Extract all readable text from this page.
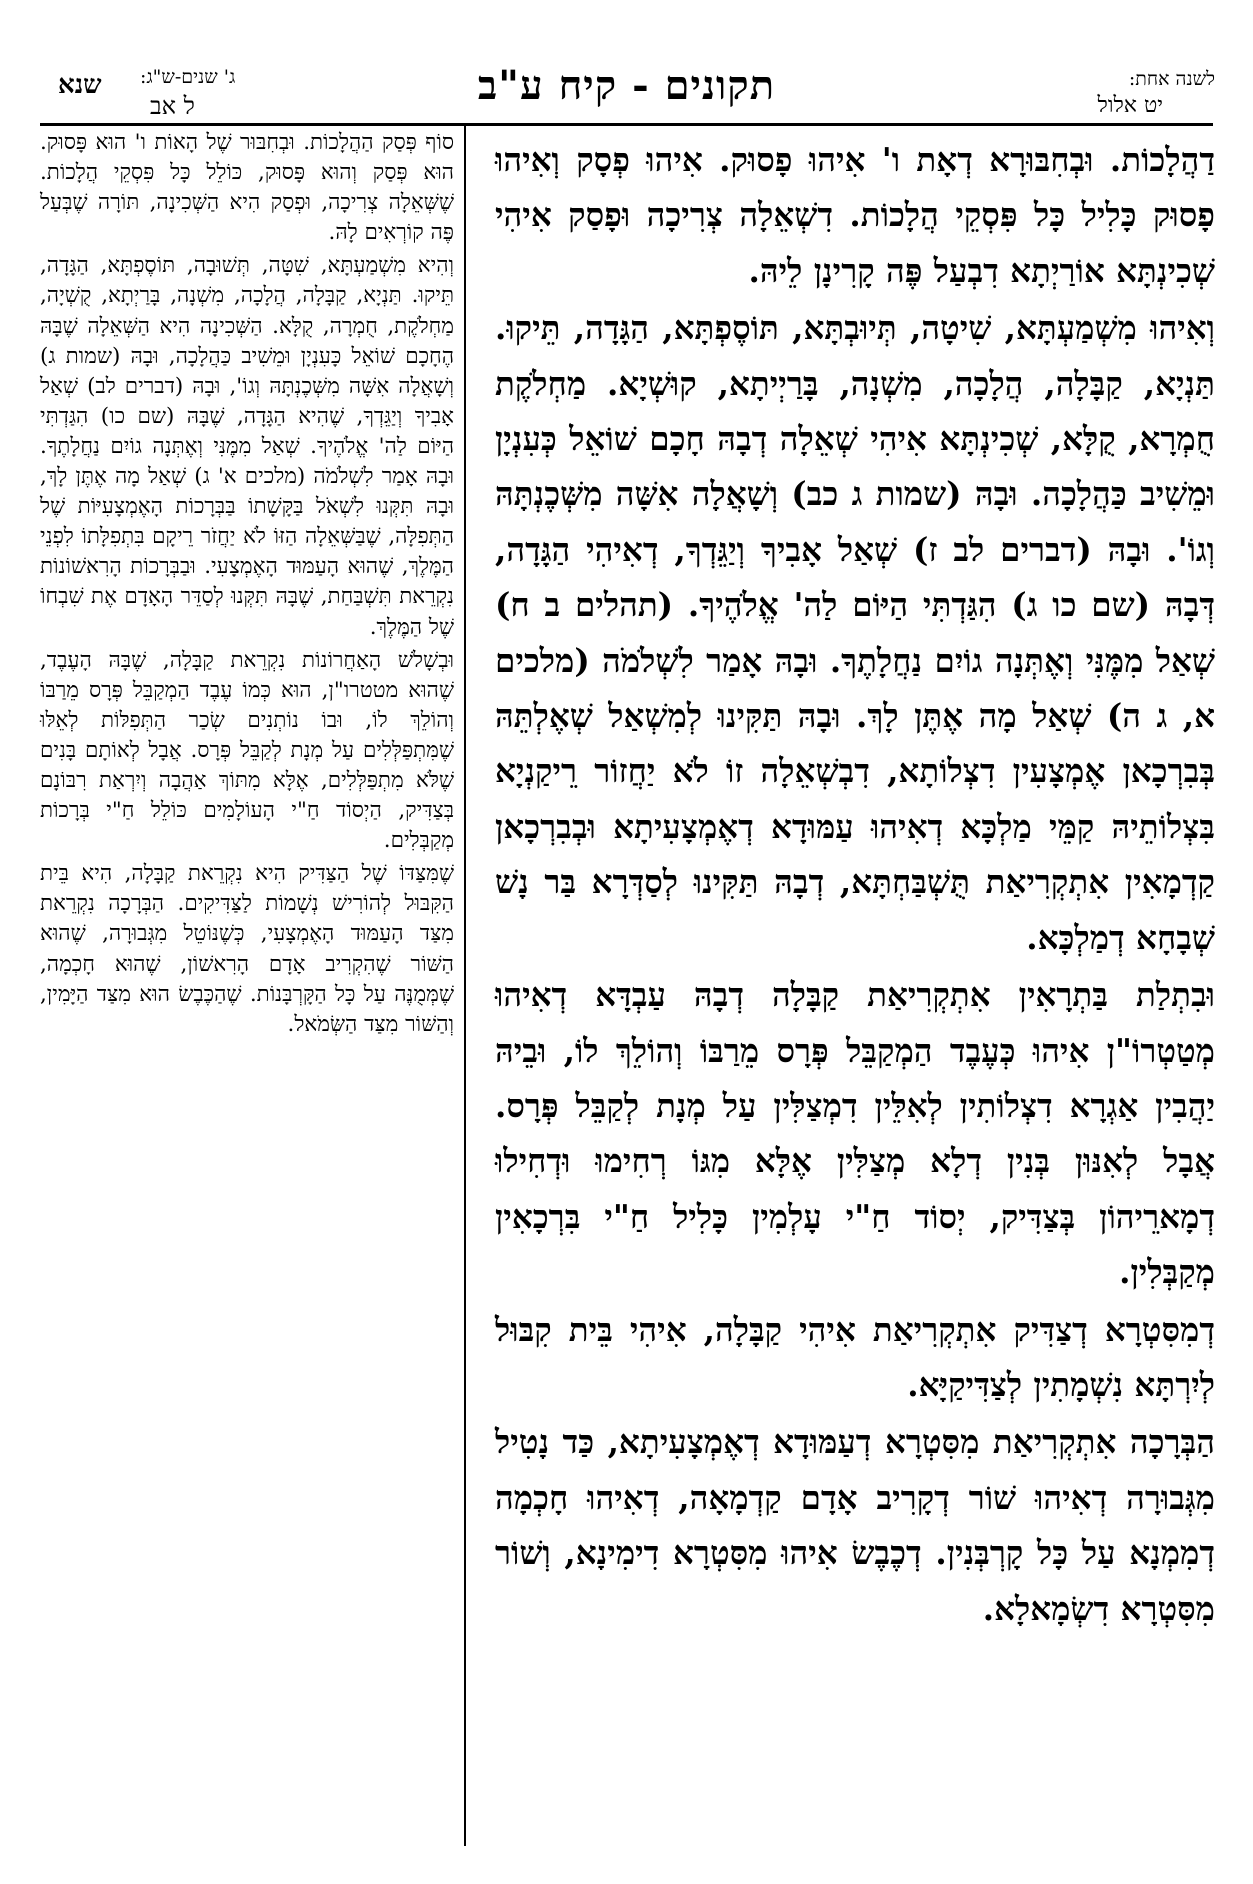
לשנה אחת:
יט אלול
תקונים - קיח ע"ב
ג' שנים-ש"ג:
ל אב
שנא

דַהֲלָכוֹת. וּבְחִבּוּרָא דְאָת ו' אִיהוּ פָסוּק. אִיהוּ פְסָק וְאִיהוּ פָסוּק כָּלִיל כָּל פִּסְקֵי הֲלָכוֹת. דִשְׁאֵלָה צְרִיכָה וּפָסַק אִיהִי שְׁכִינְתָּא אוֹרַיְתָא דִבְעַל פֶּה קָרִינָן לֵיהּ.

וְאִיהוּ מִשְׁמַעְתָּא, שִׁיטָה, תְּיוּבְתָּא, תּוֹסֶפְתָּא, הַגָּדָה, תֵּיקוּ. תַּנְיָא, קַבָּלָה, הֲלָכָה, מִשְׁנָה, בָּרַיְיתָא, קוּשְׁיָא. מַחְלֹקֶת חֻמְרָא, קֻלָּא, שְׁכִינְתָּא אִיהִי שְׁאֵלָה דְבָהּ חָכָם שׁוֹאֵל כְּעִנְיָן וּמֵשִׁיב כַּהֲלָכָה. וּבָהּ (שמות ג כב) וְשָׁאֲלָה אִשָּׁה מִשְּׁכֶנְתָּהּ וְגוֹ'. וּבָהּ (דברים לב ז) שְׁאַל אָבִיךָ וְיַגֵּדְךָ, דְאִיהִי הַגָּדָה, דְּבָהּ (שם כו ג) הִגַּדְתִּי הַיּוֹם לַה' אֱלֹהֶיךָ. (תהלים ב ח) שְׁאַל מִמֶּנִּי וְאֶתְּנָה גוֹיִם נַחֲלָתֶךָ. וּבָהּ אָמַר לִשְׁלֹמֹה (מלכים א, ג ה) שְׁאַל מָה אֶתֶּן לָךְ. וּבָהּ תַּקִּינוּ לְמִשְׁאַל שְׁאֶלְתֵּהּ בְּבִרְכָאן אֶמְצָעִין דִצְלוֹתָא, דִבְשְׁאֵלָה זוֹ לֹא יַחֲזוֹר רֵיקַנְיָא בִּצְלוֹתֵיהּ קַמֵּי מַלְכָּא דְאִיהוּ עַמּוּדָא דְאֶמְצָעִיתָא וּבְבִרְכָאן קַדְמָאִין אִתְקְרִיאַת תֻּשְׁבַּחְתָּא, דְבָהּ תַּקִּינוּ לְסַדְּרָא בַּר נָשׁ שְׁבָחָא דְמַלְכָּא.

וּבִתְלַת בַּתְרָאִין אִתְקְרִיאַת קַבָּלָה דְבָהּ עַבְדָּא דְאִיהוּ מְטַטְרוֹ"ן אִיהוּ כְּעֶבֶד הַמְקַבֵּל פְּרָס מֵרַבּוֹ וְהוֹלֵךְ לוֹ, וּבֵיהּ יַהֲבִין אַגְרָא דִצְלוֹתִין לְאִלֵּין דִמְצַלִּין עַל מְנָת לְקַבֵּל פְּרָס. אֲבָל לְאִנּוּן בְּנִין דְלָא מְצַלִּין אֶלָּא מִגּוֹ רְחִימוּ וּדְחִילוּ דְמָארֵיהוֹן בְּצַדִּיק, יְסוֹד חַ"י עָלְמִין כָּלִיל חַ"י בִּרְכָאִין מְקַבְּלִין.

דְמִסִּטְרָא דְצַדִּיק אִתְקְרִיאַת אִיהִי קַבָּלָה, אִיהִי בֵּית קִבּוּל לְיִרְתָּא נִשְׁמָתִין לְצַדִּיקַיָּא.

הַבְּרָכָה אִתְקְרִיאַת מִסִּטְרָא דְעַמּוּדָא דְאֶמְצָעִיתָא, כַּד נָטִיל מִגְּבוּרָה דְאִיהוּ שׁוֹר דְקָרִיב אָדָם קַדְמָאָה, דְאִיהוּ חָכְמָה דְמִמְנָא עַל כָּל קָרְבְּנִין. דְכֶבֶשׂ אִיהוּ מִסִּטְרָא דִימִינָא, וְשׁוֹר מִסִּטְרָא דִשְׂמָאלָא.

סוֹף פְּסַק הַהֲלָכוֹת. וּבְחִבּוּר שֶׁל הָאוֹת ו' הוּא פָּסוּק. הוּא פְּסַק וְהוּא פָּסוּק, כּוֹלֵל כָּל פִּסְקֵי הֲלָכוֹת. שֶׁשְּׁאֵלָה צְרִיכָה, וּפְסַק הִיא הַשְּׁכִינָה, תּוֹרָה שֶׁבְּעַל פֶּה קוֹרְאִים לָהּ.

וְהִיא מִשְׁמַעְתָּא, שִׁטָּה, תְּשׁוּבָה, תּוֹסֶפְתָּא, הַגָּדָה, תֵּיקוּ. תַּנְיָא, קַבָּלָה, הֲלָכָה, מִשְׁנָה, בָּרַיְתָא, קֻשְׁיָה, מַחְלֹקֶת, חֻמְרָה, קֻלָּא. הַשְּׁכִינָה הִיא הַשְּׁאֵלָה שֶׁבָּהּ הֶחָכָם שׁוֹאֵל כָּעִנְיָן וּמֵשִׁיב כַּהֲלָכָה, וּבָהּ (שמות ג) וְשָׁאֲלָה אִשָּׁה מִשְּׁכֶנְתָּהּ וְגוֹ', וּבָהּ (דברים לב) שְׁאַל אָבִיךָ וְיַגֵּדְךָ, שֶׁהִיא הַגָּדָה, שֶׁבָּהּ (שם כו) הִגַּדְתִּי הַיּוֹם לַה' אֱלֹהֶיךָ. שְׁאַל מִמֶּנִּי וְאֶתְּנָה גוֹיִם נַחֲלָתֶךָ. וּבָהּ אָמַר לִשְׁלֹמֹה (מלכים א' ג) שְׁאַל מָה אֶתֶּן לָךְ, וּבָהּ תִּקְּנוּ לִשְׁאֹל בַּקָּשָׁתוֹ בַּבְּרָכוֹת הָאֶמְצָעִיּוֹת שֶׁל הַתְּפִלָּה, שֶׁבַּשְּׁאֵלָה הַזּוֹ לֹא יַחֲזֹר רֵיקָם בִּתְפִלָּתוֹ לִפְנֵי הַמֶּלֶךְ, שֶׁהוּא הָעַמּוּד הָאֶמְצָעִי. וּבַבְּרָכוֹת הָרִאשׁוֹנוֹת נִקְרֵאת תִּשְׁבַּחַת, שֶׁבָּהּ תִּקְּנוּ לְסַדֵּר הָאָדָם אֶת שִׁבְחוֹ שֶׁל הַמֶּלֶךְ.

וּבְשָׁלֹשׁ הָאַחֲרוֹנוֹת נִקְרֵאת קַבָּלָה, שֶׁבָּהּ הָעֶבֶד, שֶׁהוּא מטטרו"ן, הוּא כְּמוֹ עֶבֶד הַמְקַבֵּל פְּרָס מֵרַבּוֹ וְהוֹלֵךְ לוֹ, וּבוֹ נוֹתְנִים שְׂכַר הַתְּפִלּוֹת לְאֵלּוּ שֶׁמִּתְפַּלְּלִים עַל מְנָת לְקַבֵּל פְּרָס. אֲבָל לְאוֹתָם בָּנִים שֶׁלֹּא מִתְפַּלְּלִים, אֶלָּא מִתּוֹךְ אַהֲבָה וְיִרְאַת רִבּוֹנָם בְּצַדִּיק, הַיְסוֹד חַ"י הָעוֹלָמִים כּוֹלֵל חַ"י בְּרָכוֹת מְקַבְּלִים.

שֶׁמִּצַּדּוֹ שֶׁל הַצַּדִּיק הִיא נִקְרֵאת קַבָּלָה, הִיא בֵּית הַקִּבּוּל לְהוֹרִישׁ נְשָׁמוֹת לַצַּדִּיקִים. הַבְּרָכָה נִקְרֵאת מִצַּד הָעַמּוּד הָאֶמְצָעִי, כְּשֶׁנּוֹטֵל מִגְּבוּרָה, שֶׁהוּא הַשּׁוֹר שֶׁהִקְרִיב אָדָם הָרִאשׁוֹן, שֶׁהוּא חָכְמָה, שֶׁמְּמֻנֶּה עַל כָּל הַקָּרְבָּנוֹת. שֶׁהַכֶּבֶשׂ הוּא מִצַּד הַיָּמִין, וְהַשּׁוֹר מִצַּד הַשְּׂמֹאל.
